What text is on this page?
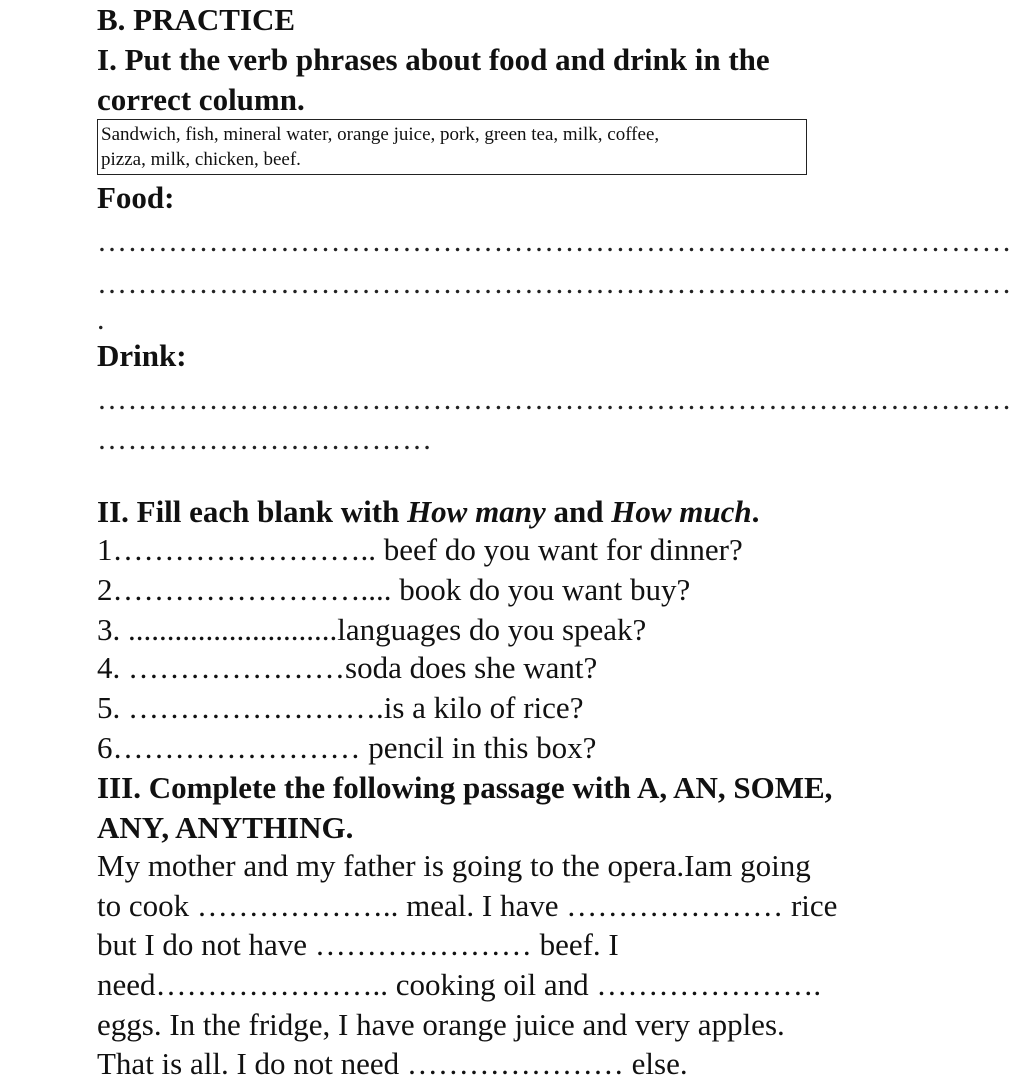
B. PRACTICE
I. Put the verb phrases about food and drink in the
correct column.
Sandwich, fish, mineral water, orange juice, pork, green tea, milk, coffee,
pizza, milk, chicken, beef.
Food:
………………………………………………………………………………
………………………………………………………………………………
.
Drink:
………………………………………………………………………………
……………………………
II. Fill each blank with How many and How much.
1…………………….. beef do you want for dinner?
2…………………….... book do you want buy?
3. ...........................languages do you speak?
4. …………………soda does she want?
5. …………………….is a kilo of rice?
6…………………… pencil in this box?
III. Complete the following passage with A, AN, SOME,
ANY, ANYTHING.
My mother and my father is going to the opera.Iam going
to cook ……………….. meal. I have ………………… rice
but I do not have ………………… beef. I
need………………….. cooking oil and ………………….
eggs. In the fridge, I have orange juice and very apples.
That is all. I do not need ………………… else.
